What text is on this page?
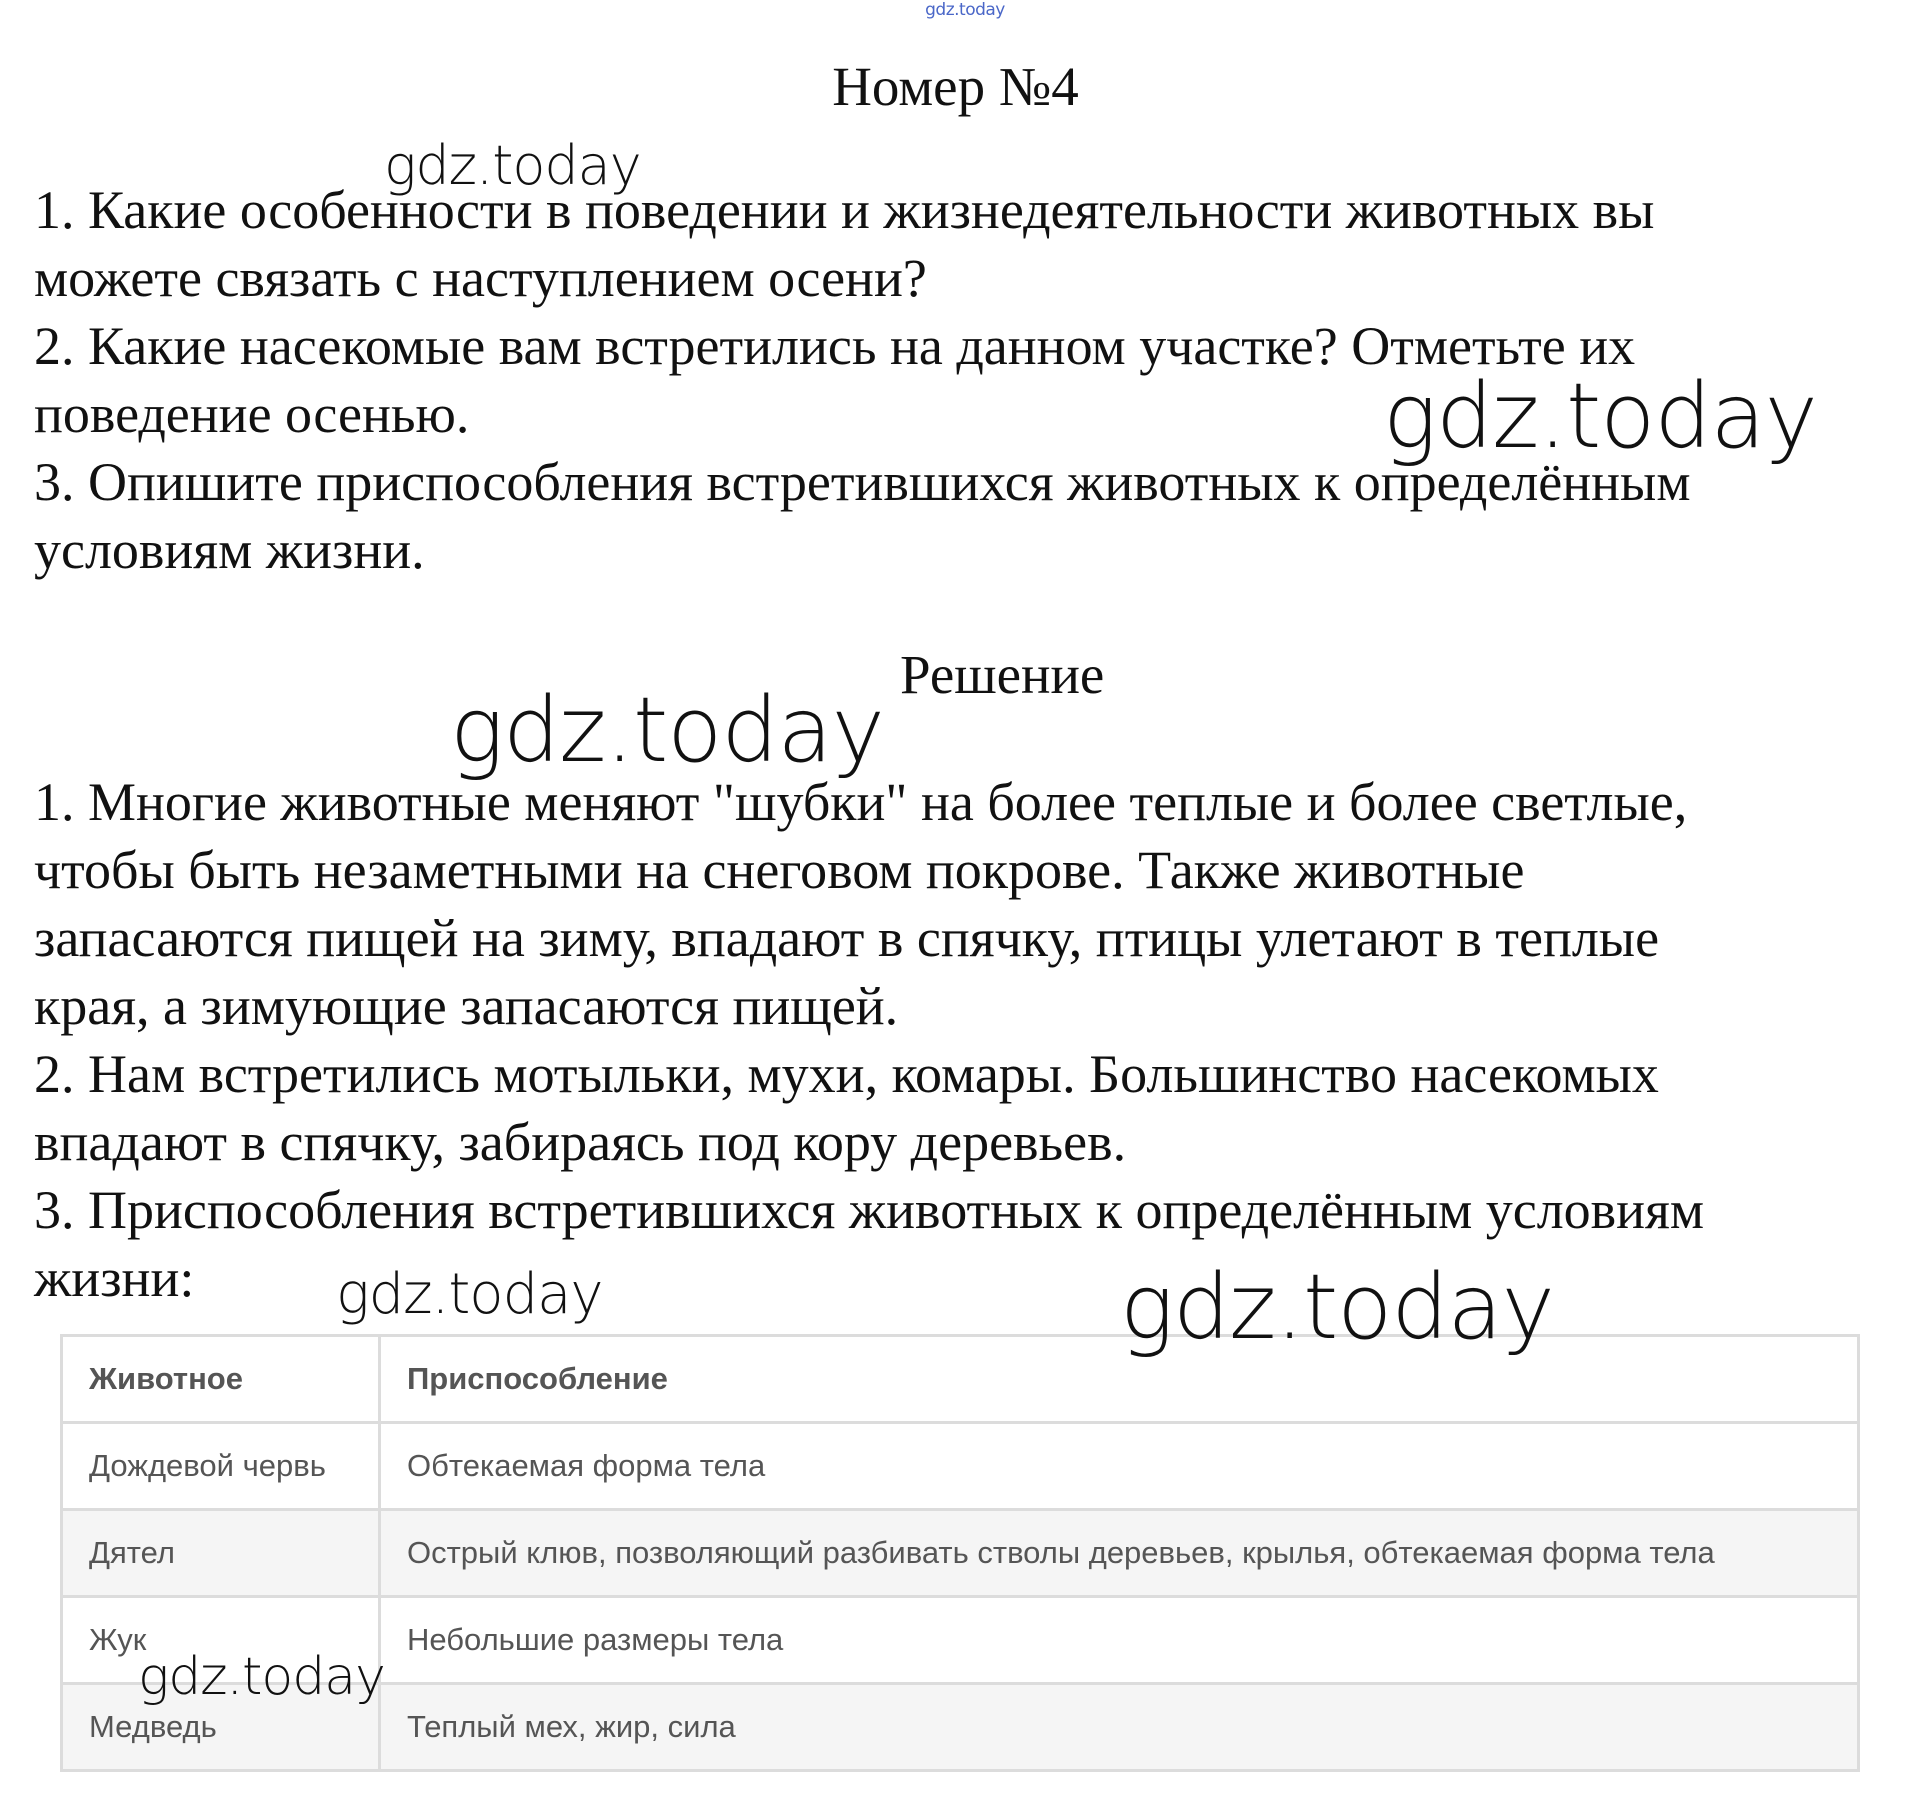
gdz.today
Номер №4
1. Какие особенности в поведении и жизнедеятельности животных вы
можете связать с наступлением осени?
2. Какие насекомые вам встретились на данном участке? Отметьте их
поведение осенью.
3. Опишите приспособления встретившихся животных к определённым
условиям жизни.
Решение
1. Многие животные меняют "шубки" на более теплые и более светлые,
чтобы быть незаметными на снеговом покрове. Также животные
запасаются пищей на зиму, впадают в спячку, птицы улетают в теплые
края, а зимующие запасаются пищей.
2. Нам встретились мотыльки, мухи, комары. Большинство насекомых
впадают в спячку, забираясь под кору деревьев.
3. Приспособления встретившихся животных к определённым условиям
жизни:
Животное	Приспособление
Дождевой червь	Обтекаемая форма тела
Дятел	Острый клюв, позволяющий разбивать стволы деревьев, крылья, обтекаемая форма тела
Жук	Небольшие размеры тела
Медведь	Теплый мех, жир, сила
gdz.today
gdz.today
gdz.today
gdz.today	gdz.today
gdz.today
